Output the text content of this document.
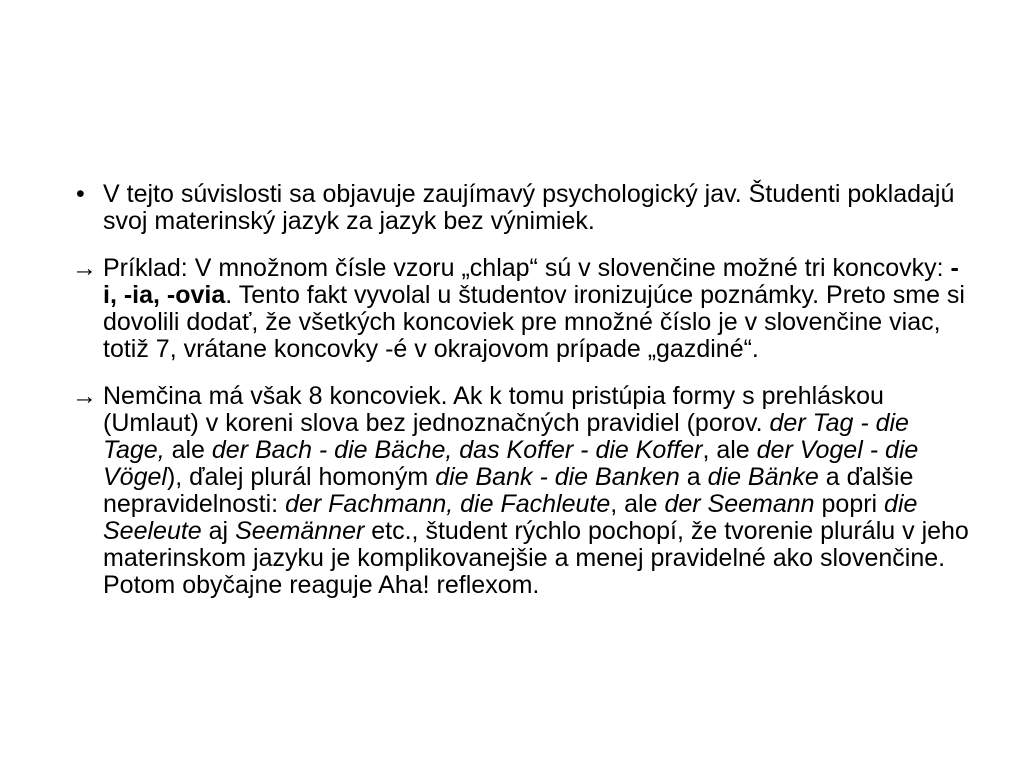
• V tejto súvislosti sa objavuje zaujímavý psychologický jav. Študenti pokladajú svoj materinský jazyk za jazyk bez výnimiek.
→ Príklad: V množnom čísle vzoru „chlap“ sú v slovenčine možné tri koncovky: -i, -ia, -ovia. Tento fakt vyvolal u študentov ironizujúce poznámky. Preto sme si dovolili dodať, že všetkých koncoviek pre množné číslo je v slovenčine viac, totiž 7, vrátane koncovky -é v okrajovom prípade „gazdiné“.
→ Nemčina má však 8 koncoviek. Ak k tomu pristúpia formy s prehláskou (Umlaut) v koreni slova bez jednoznačných pravidiel (porov. der Tag - die Tage, ale der Bach - die Bäche, das Koffer - die Koffer, ale der Vogel - die Vögel), ďalej plurál homoným die Bank - die Banken a die Bänke a ďalšie nepravidelnosti: der Fachmann, die Fachleute, ale der Seemann popri die Seeleute aj Seemänner etc., študent rýchlo pochopí, že tvorenie plurálu v jeho materinskom jazyku je komplikovanejšie a menej pravidelné ako slovenčine. Potom obyčajne reaguje Aha! reflexom.
